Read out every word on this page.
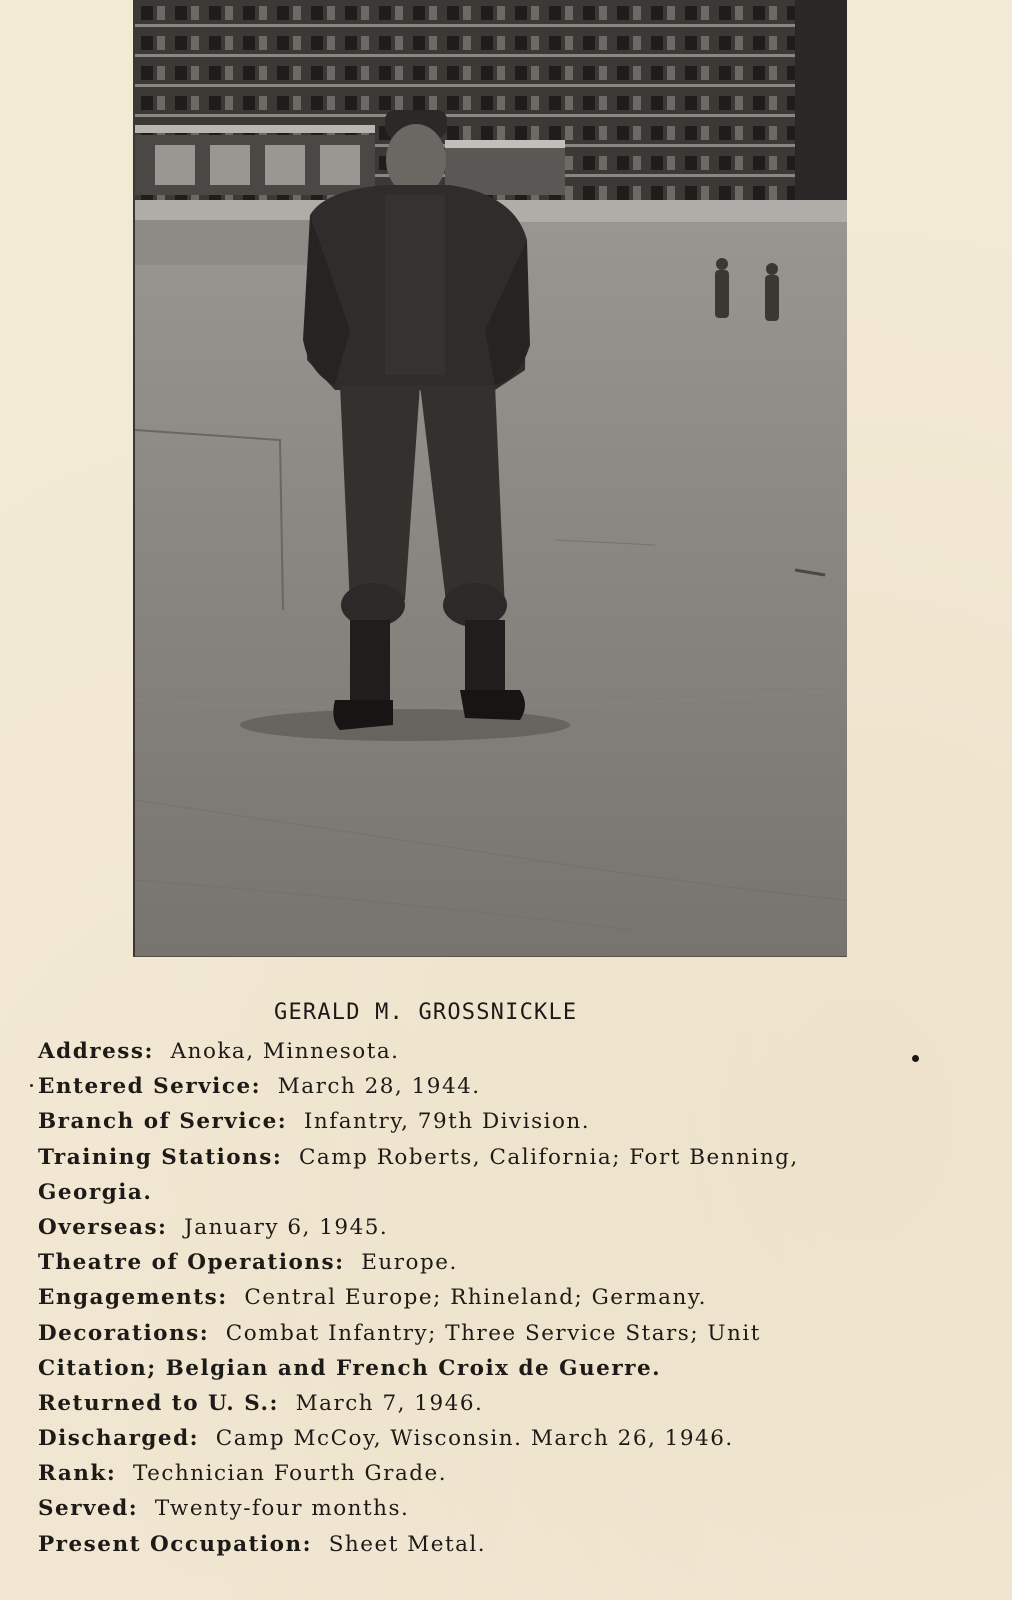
GERALD M. GROSSNICKLE
Address: Anoka, Minnesota.
Entered Service: March 28, 1944.
Branch of Service: Infantry, 79th Division.
Training Stations: Camp Roberts, California; Fort Benning,
Georgia.
Overseas: January 6, 1945.
Theatre of Operations: Europe.
Engagements: Central Europe; Rhineland; Germany.
Decorations: Combat Infantry; Three Service Stars; Unit
Citation; Belgian and French Croix de Guerre.
Returned to U. S.: March 7, 1946.
Discharged: Camp McCoy, Wisconsin. March 26, 1946.
Rank: Technician Fourth Grade.
Served: Twenty-four months.
Present Occupation: Sheet Metal.
